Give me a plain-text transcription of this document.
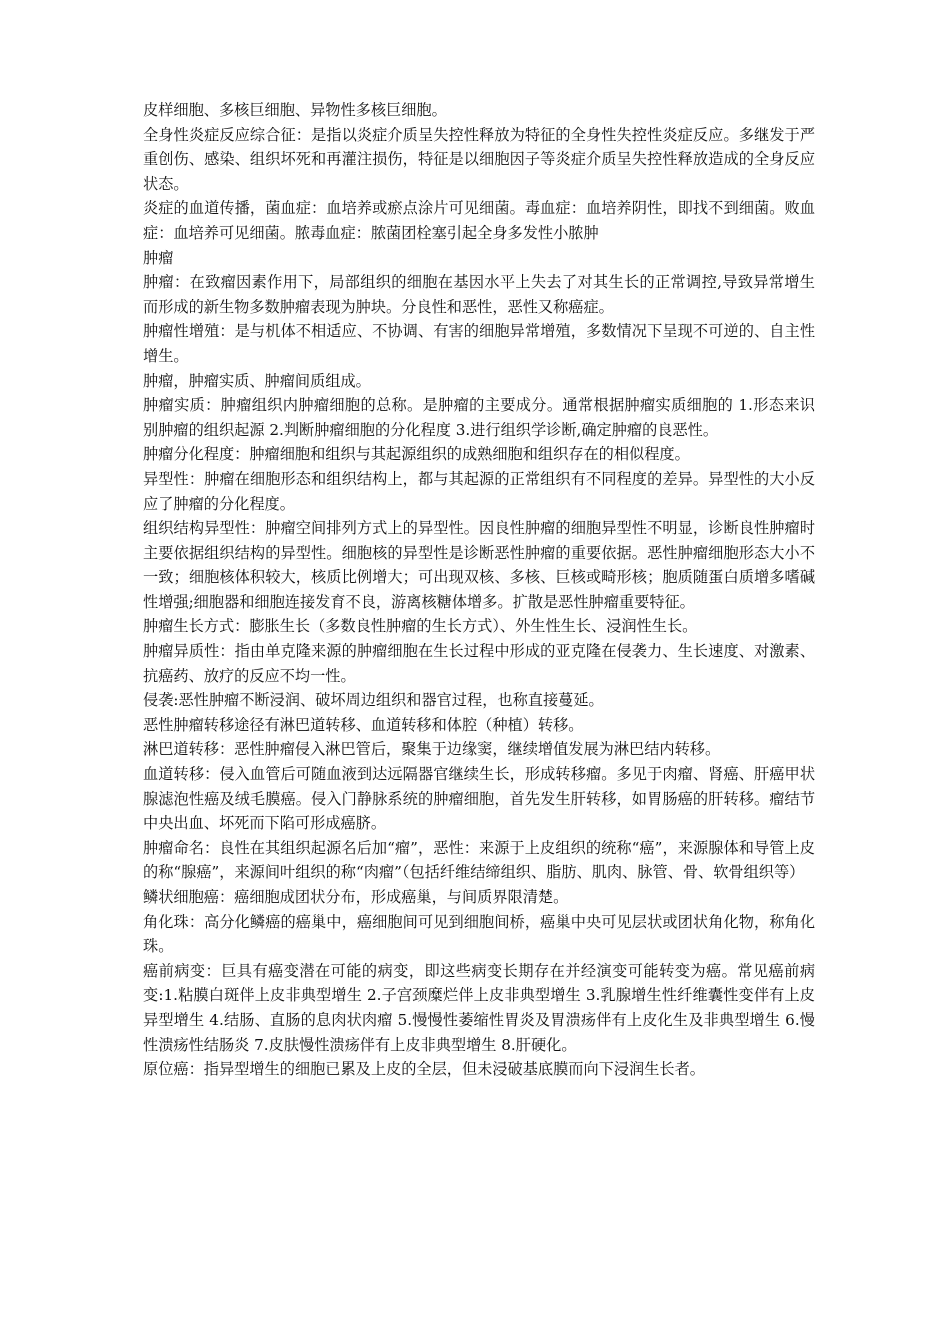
皮样细胞、多核巨细胞、异物性多核巨细胞。

全身性炎症反应综合征：是指以炎症介质呈失控性释放为特征的全身性失控性炎症反应。多继发于严重创伤、感染、组织坏死和再灌注损伤，特征是以细胞因子等炎症介质呈失控性释放造成的全身反应状态。

炎症的血道传播，菌血症：血培养或瘀点涂片可见细菌。毒血症：血培养阴性，即找不到细菌。败血症：血培养可见细菌。脓毒血症：脓菌团栓塞引起全身多发性小脓肿

肿瘤

肿瘤：在致瘤因素作用下，局部组织的细胞在基因水平上失去了对其生长的正常调控,导致异常增生而形成的新生物多数肿瘤表现为肿块。分良性和恶性，恶性又称癌症。

肿瘤性增殖：是与机体不相适应、不协调、有害的细胞异常增殖，多数情况下呈现不可逆的、自主性增生。

肿瘤，肿瘤实质、肿瘤间质组成。

肿瘤实质：肿瘤组织内肿瘤细胞的总称。是肿瘤的主要成分。通常根据肿瘤实质细胞的 1.形态来识别肿瘤的组织起源 2.判断肿瘤细胞的分化程度 3.进行组织学诊断,确定肿瘤的良恶性。

肿瘤分化程度：肿瘤细胞和组织与其起源组织的成熟细胞和组织存在的相似程度。

异型性：肿瘤在细胞形态和组织结构上，都与其起源的正常组织有不同程度的差异。异型性的大小反应了肿瘤的分化程度。

组织结构异型性：肿瘤空间排列方式上的异型性。因良性肿瘤的细胞异型性不明显，诊断良性肿瘤时主要依据组织结构的异型性。细胞核的异型性是诊断恶性肿瘤的重要依据。恶性肿瘤细胞形态大小不一致；细胞核体积较大，核质比例增大；可出现双核、多核、巨核或畸形核；胞质随蛋白质增多嗜碱性增强;细胞器和细胞连接发育不良，游离核糖体增多。扩散是恶性肿瘤重要特征。

肿瘤生长方式：膨胀生长（多数良性肿瘤的生长方式）、外生性生长、浸润性生长。

肿瘤异质性：指由单克隆来源的肿瘤细胞在生长过程中形成的亚克隆在侵袭力、生长速度、对激素、抗癌药、放疗的反应不均一性。

侵袭:恶性肿瘤不断浸润、破坏周边组织和器官过程，也称直接蔓延。

恶性肿瘤转移途径有淋巴道转移、血道转移和体腔（种植）转移。

淋巴道转移：恶性肿瘤侵入淋巴管后，聚集于边缘窦，继续增值发展为淋巴结内转移。

血道转移：侵入血管后可随血液到达远隔器官继续生长，形成转移瘤。多见于肉瘤、肾癌、肝癌甲状腺滤泡性癌及绒毛膜癌。侵入门静脉系统的肿瘤细胞，首先发生肝转移，如胃肠癌的肝转移。瘤结节中央出血、坏死而下陷可形成癌脐。

肿瘤命名：良性在其组织起源名后加“瘤”，恶性：来源于上皮组织的统称“癌”，来源腺体和导管上皮的称“腺癌”，来源间叶组织的称“肉瘤”（包括纤维结缔组织、脂肪、肌肉、脉管、骨、软骨组织等）

鳞状细胞癌：癌细胞成团状分布，形成癌巢，与间质界限清楚。

角化珠：高分化鳞癌的癌巢中，癌细胞间可见到细胞间桥，癌巢中央可见层状或团状角化物，称角化珠。

癌前病变：巨具有癌变潜在可能的病变，即这些病变长期存在并经演变可能转变为癌。常见癌前病变:1.粘膜白斑伴上皮非典型增生 2.子宫颈糜烂伴上皮非典型增生 3.乳腺增生性纤维囊性变伴有上皮异型增生 4.结肠、直肠的息肉状肉瘤 5.慢慢性萎缩性胃炎及胃溃疡伴有上皮化生及非典型增生 6.慢性溃疡性结肠炎 7.皮肤慢性溃疡伴有上皮非典型增生 8.肝硬化。

原位癌：指异型增生的细胞已累及上皮的全层，但未浸破基底膜而向下浸润生长者。
